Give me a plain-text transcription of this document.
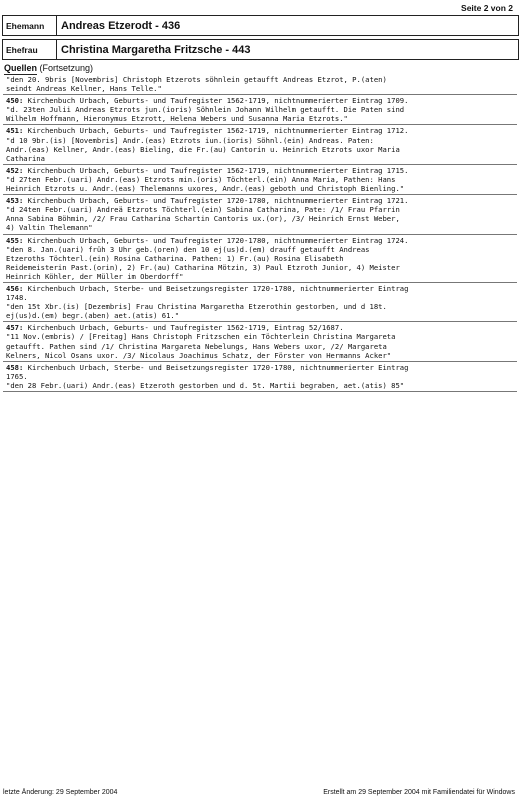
Seite 2 von 2
Ehemann	Andreas Etzerodt - 436
Ehefrau	Christina Margaretha Fritzsche - 443
Quellen (Fortsetzung)
"den 20. 9bris [Novembris] Christoph Etzerots söhnlein getaufft Andreas Etzrot, P.(aten)
seindt Andreas Kellner, Hans Telle."
450: Kirchenbuch Urbach, Geburts- und Taufregister 1562-1719, nichtnummerierter Eintrag 1709.
"d. 23ten Julii Andreas Etzrots jun.(ioris) Söhnlein Johann Wilhelm getaufft. Die Paten sind
Wilhelm Hoffmann, Hieronymus Etzrott, Helena Webers und Susanna Maria Etzrots."
451: Kirchenbuch Urbach, Geburts- und Taufregister 1562-1719, nichtnummerierter Eintrag 1712.
"d 10 9br.(is) [Novembris] Andr.(eas) Etzrots iun.(ioris) Söhnl.(ein) Andreas. Paten:
Andr.(eas) Kellner, Andr.(eas) Bieling, die Fr.(au) Cantorin u. Heinrich Etzrots uxor Maria
Catharina
452: Kirchenbuch Urbach, Geburts- und Taufregister 1562-1719, nichtnummerierter Eintrag 1715.
"d 27ten Febr.(uari) Andr.(eas) Etzrots min.(oris) Töchterl.(ein) Anna Maria, Pathen: Hans
Heinrich Etzrots u. Andr.(eas) Thelemanns uxores, Andr.(eas) geboth und Christoph Bienling."
453: Kirchenbuch Urbach, Geburts- und Taufregister 1720-1780, nichtnummerierter Eintrag 1721.
"d 24ten Febr.(uari) Andreä Etzrots Töchterl.(ein) Sabina Catharina, Pate: /1/ Frau Pfarrin
Anna Sabina Böhmin, /2/ Frau Catharina Schartin Cantoris ux.(or), /3/ Heinrich Ernst Weber,
4) Valtin Thelemann"
455: Kirchenbuch Urbach, Geburts- und Taufregister 1720-1780, nichtnummerierter Eintrag 1724.
"den 8. Jan.(uari) früh 3 Uhr geb.(oren) den 10 ej(us)d.(em) drauff getaufft Andreas
Etzeroths Töchterl.(ein) Rosina Catharina. Pathen: 1) Fr.(au) Rosina Elisabeth
Reidemeisterin Past.(orin), 2) Fr.(au) Catharina Mötzin, 3) Paul Etzroth Junior, 4) Meister
Heinrich Köhler, der Müller im Oberdorff"
456: Kirchenbuch Urbach, Sterbe- und Beisetzungsregister 1720-1780, nichtnummerierter Eintrag
1748.
"den 15t Xbr.(is) [Dezembris] Frau Christina Margaretha Etzerothin gestorben, und d 18t.
ej(us)d.(em) begr.(aben) aet.(atis) 61."
457: Kirchenbuch Urbach, Geburts- und Taufregister 1562-1719, Eintrag 52/1687.
"11 Nov.(embris) / [Freitag] Hans Christoph Fritzschen ein Töchterlein Christina Margareta
getaufft. Pathen sind /1/ Christina Margareta Nebelungs, Hans Webers uxor, /2/ Margareta
Kelners, Nicol Osans uxor. /3/ Nicolaus Joachimus Schatz, der Förster von Hermanns Acker"
458: Kirchenbuch Urbach, Sterbe- und Beisetzungsregister 1720-1780, nichtnummerierter Eintrag
1765.
"den 28 Febr.(uari) Andr.(eas) Etzeroth gestorben und d. 5t. Martii begraben, aet.(atis) 85"
letzte Änderung: 29 September 2004	Erstellt am 29 September 2004 mit Familiendatei für Windows
